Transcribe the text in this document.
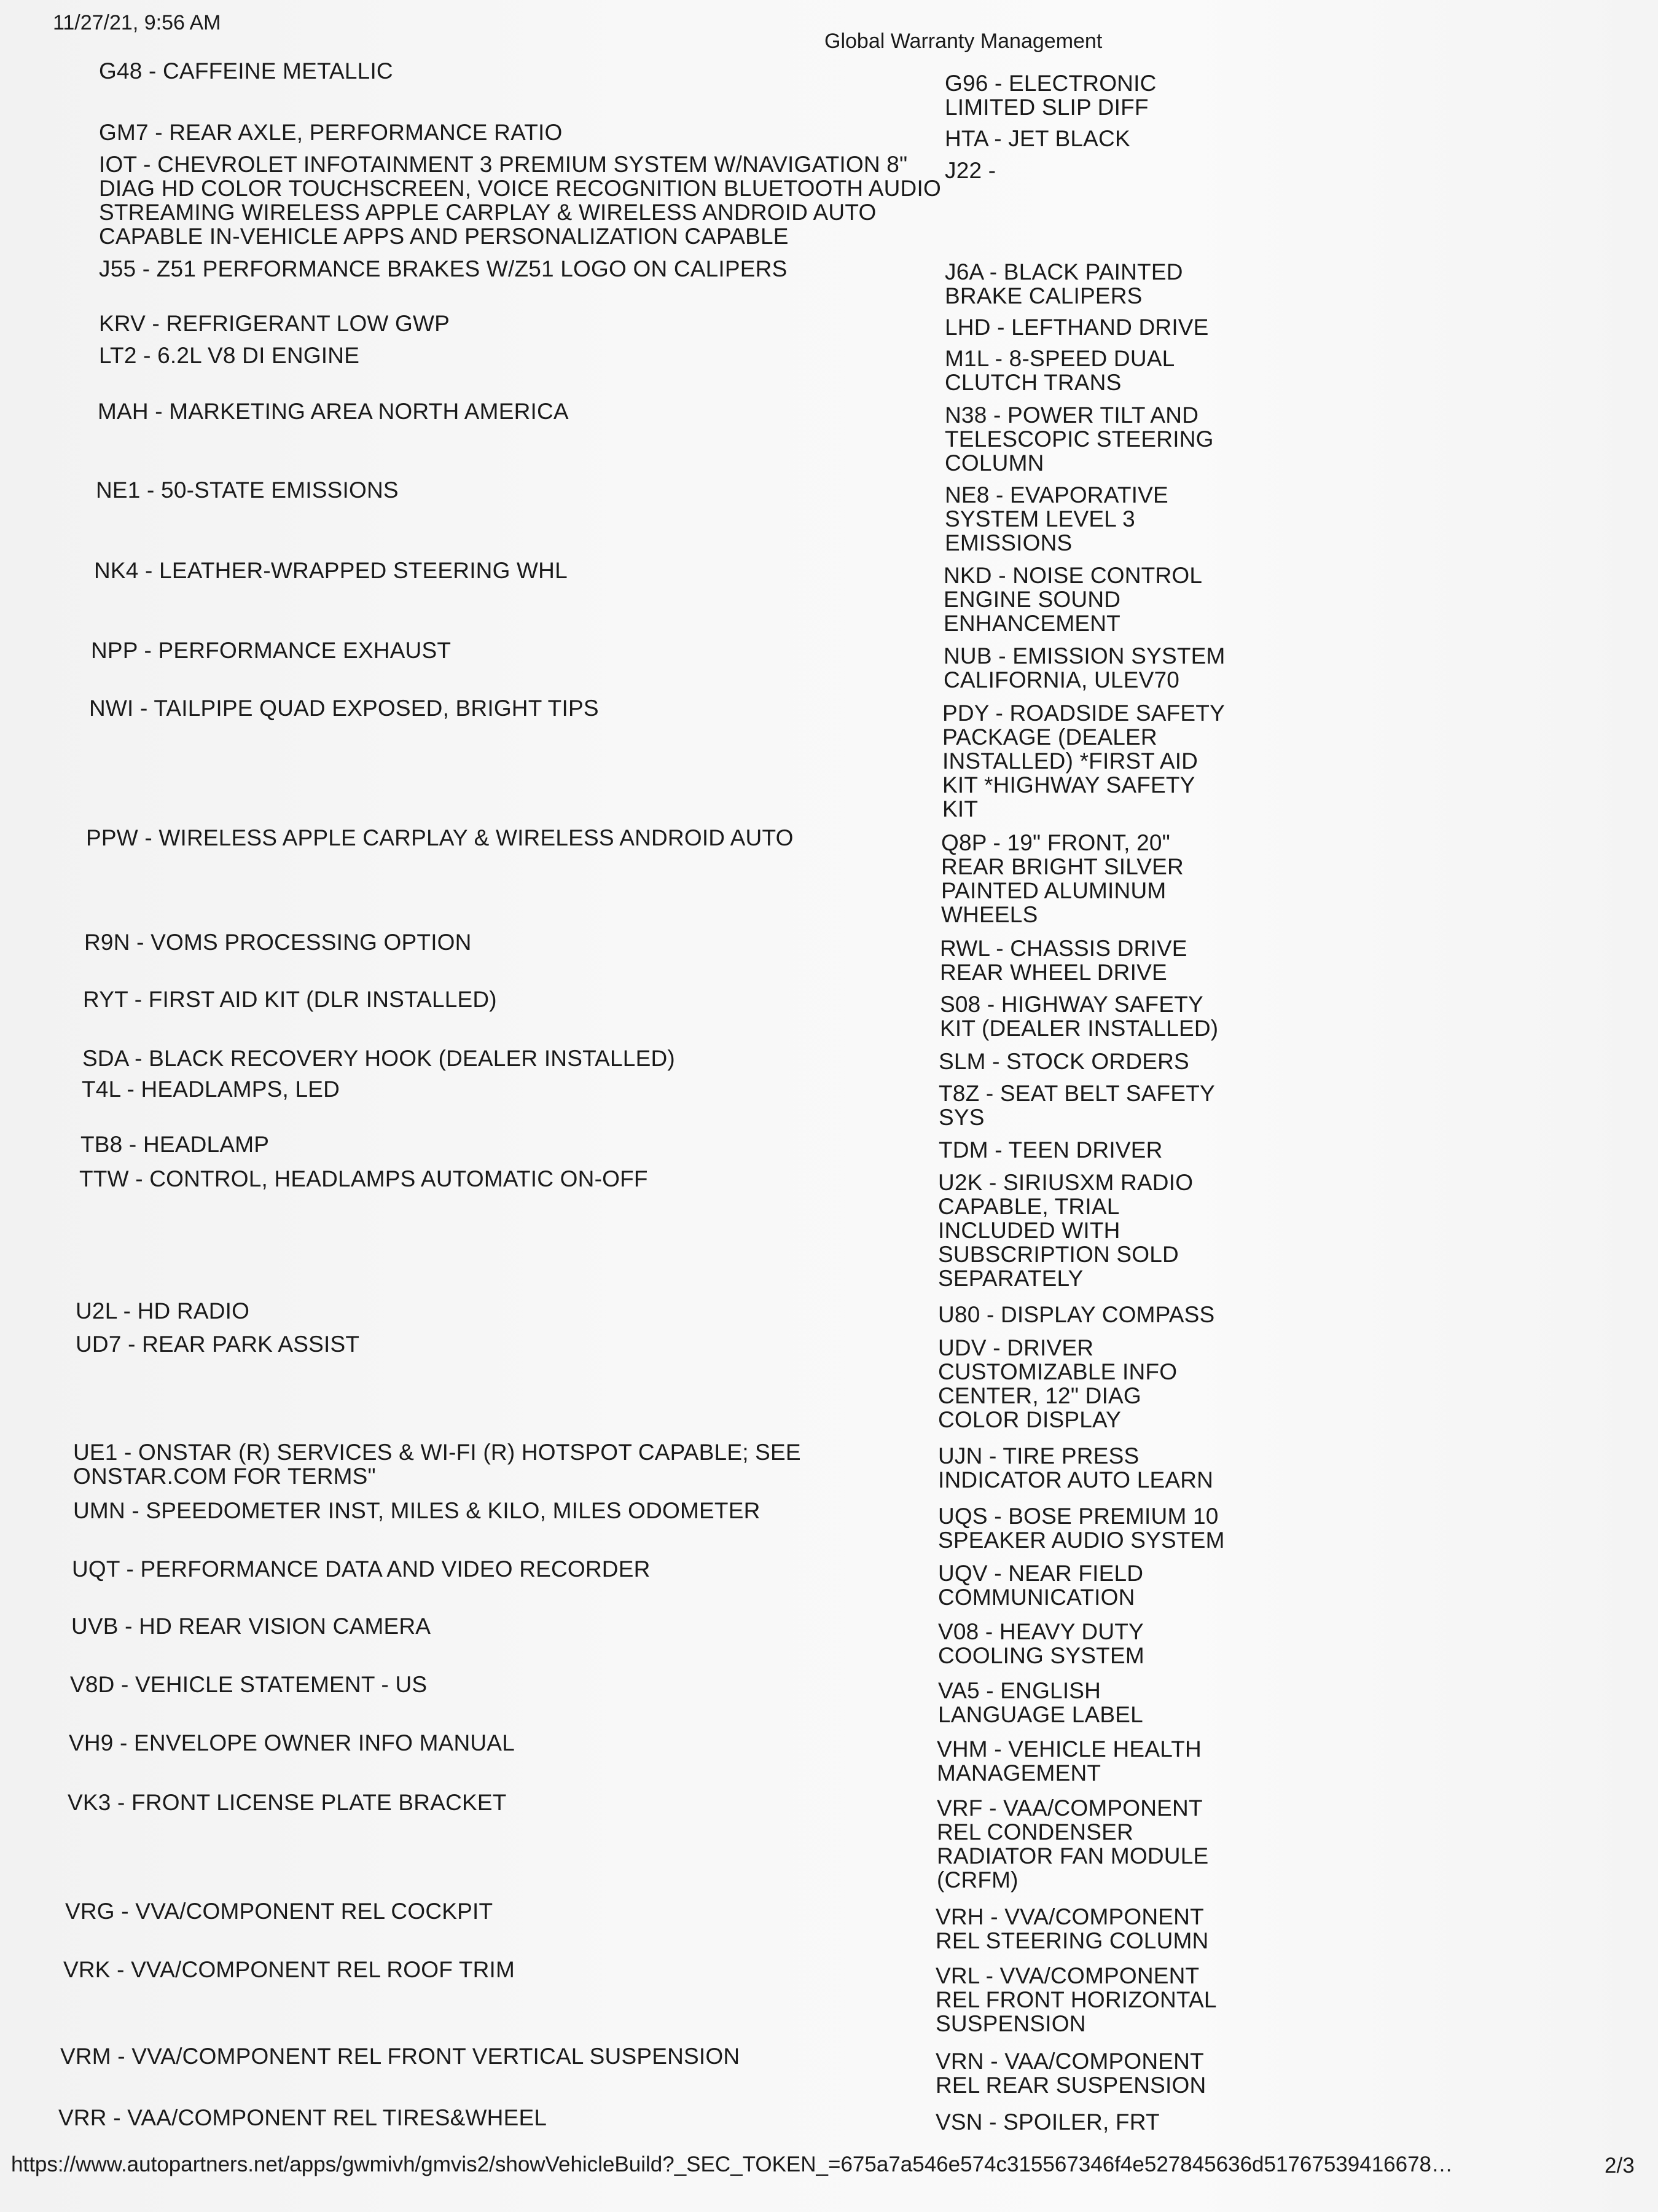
11/27/21, 9:56 AM
Global Warranty Management
G48 - CAFFEINE METALLIC
GM7 - REAR AXLE, PERFORMANCE RATIO
IOT - CHEVROLET INFOTAINMENT 3 PREMIUM SYSTEM W/NAVIGATION 8"
DIAG HD COLOR TOUCHSCREEN, VOICE RECOGNITION BLUETOOTH AUDIO
STREAMING WIRELESS APPLE CARPLAY & WIRELESS ANDROID AUTO
CAPABLE IN-VEHICLE APPS AND PERSONALIZATION CAPABLE
J55 - Z51 PERFORMANCE BRAKES W/Z51 LOGO ON CALIPERS
KRV - REFRIGERANT LOW GWP
LT2 - 6.2L V8 DI ENGINE
MAH - MARKETING AREA NORTH AMERICA
NE1 - 50-STATE EMISSIONS
NK4 - LEATHER-WRAPPED STEERING WHL
NPP - PERFORMANCE EXHAUST
NWI - TAILPIPE QUAD EXPOSED, BRIGHT TIPS
PPW - WIRELESS APPLE CARPLAY & WIRELESS ANDROID AUTO
R9N - VOMS PROCESSING OPTION
RYT - FIRST AID KIT (DLR INSTALLED)
SDA - BLACK RECOVERY HOOK (DEALER INSTALLED)
T4L - HEADLAMPS, LED
TB8 - HEADLAMP
TTW - CONTROL, HEADLAMPS AUTOMATIC ON-OFF
U2L - HD RADIO
UD7 - REAR PARK ASSIST
UE1 - ONSTAR (R) SERVICES & WI-FI (R) HOTSPOT CAPABLE; SEE
ONSTAR.COM FOR TERMS"
UMN - SPEEDOMETER INST, MILES & KILO, MILES ODOMETER
UQT - PERFORMANCE DATA AND VIDEO RECORDER
UVB - HD REAR VISION CAMERA
V8D - VEHICLE STATEMENT - US
VH9 - ENVELOPE OWNER INFO MANUAL
VK3 - FRONT LICENSE PLATE BRACKET
VRG - VVA/COMPONENT REL COCKPIT
VRK - VVA/COMPONENT REL ROOF TRIM
VRM - VVA/COMPONENT REL FRONT VERTICAL SUSPENSION
VRR - VAA/COMPONENT REL TIRES&WHEEL
G96 - ELECTRONIC
LIMITED SLIP DIFF
HTA - JET BLACK
J22 -
J6A - BLACK PAINTED
BRAKE CALIPERS
LHD - LEFTHAND DRIVE
M1L - 8-SPEED DUAL
CLUTCH TRANS
N38 - POWER TILT AND
TELESCOPIC STEERING
COLUMN
NE8 - EVAPORATIVE
SYSTEM LEVEL 3
EMISSIONS
NKD - NOISE CONTROL
ENGINE SOUND
ENHANCEMENT
NUB - EMISSION SYSTEM
CALIFORNIA, ULEV70
PDY - ROADSIDE SAFETY
PACKAGE (DEALER
INSTALLED) *FIRST AID
KIT *HIGHWAY SAFETY
KIT
Q8P - 19" FRONT, 20"
REAR BRIGHT SILVER
PAINTED ALUMINUM
WHEELS
RWL - CHASSIS DRIVE
REAR WHEEL DRIVE
S08 - HIGHWAY SAFETY
KIT (DEALER INSTALLED)
SLM - STOCK ORDERS
T8Z - SEAT BELT SAFETY
SYS
TDM - TEEN DRIVER
U2K - SIRIUSXM RADIO
CAPABLE, TRIAL
INCLUDED WITH
SUBSCRIPTION SOLD
SEPARATELY
U80 - DISPLAY COMPASS
UDV - DRIVER
CUSTOMIZABLE INFO
CENTER, 12" DIAG
COLOR DISPLAY
UJN - TIRE PRESS
INDICATOR AUTO LEARN
UQS - BOSE PREMIUM 10
SPEAKER AUDIO SYSTEM
UQV - NEAR FIELD
COMMUNICATION
V08 - HEAVY DUTY
COOLING SYSTEM
VA5 - ENGLISH
LANGUAGE LABEL
VHM - VEHICLE HEALTH
MANAGEMENT
VRF - VAA/COMPONENT
REL CONDENSER
RADIATOR FAN MODULE
(CRFM)
VRH - VVA/COMPONENT
REL STEERING COLUMN
VRL - VVA/COMPONENT
REL FRONT HORIZONTAL
SUSPENSION
VRN - VAA/COMPONENT
REL REAR SUSPENSION
VSN - SPOILER, FRT
https://www.autopartners.net/apps/gwmivh/gmvis2/showVehicleBuild?_SEC_TOKEN_=675a7a546e574c315567346f4e527845636d51767539416678…	2/3
